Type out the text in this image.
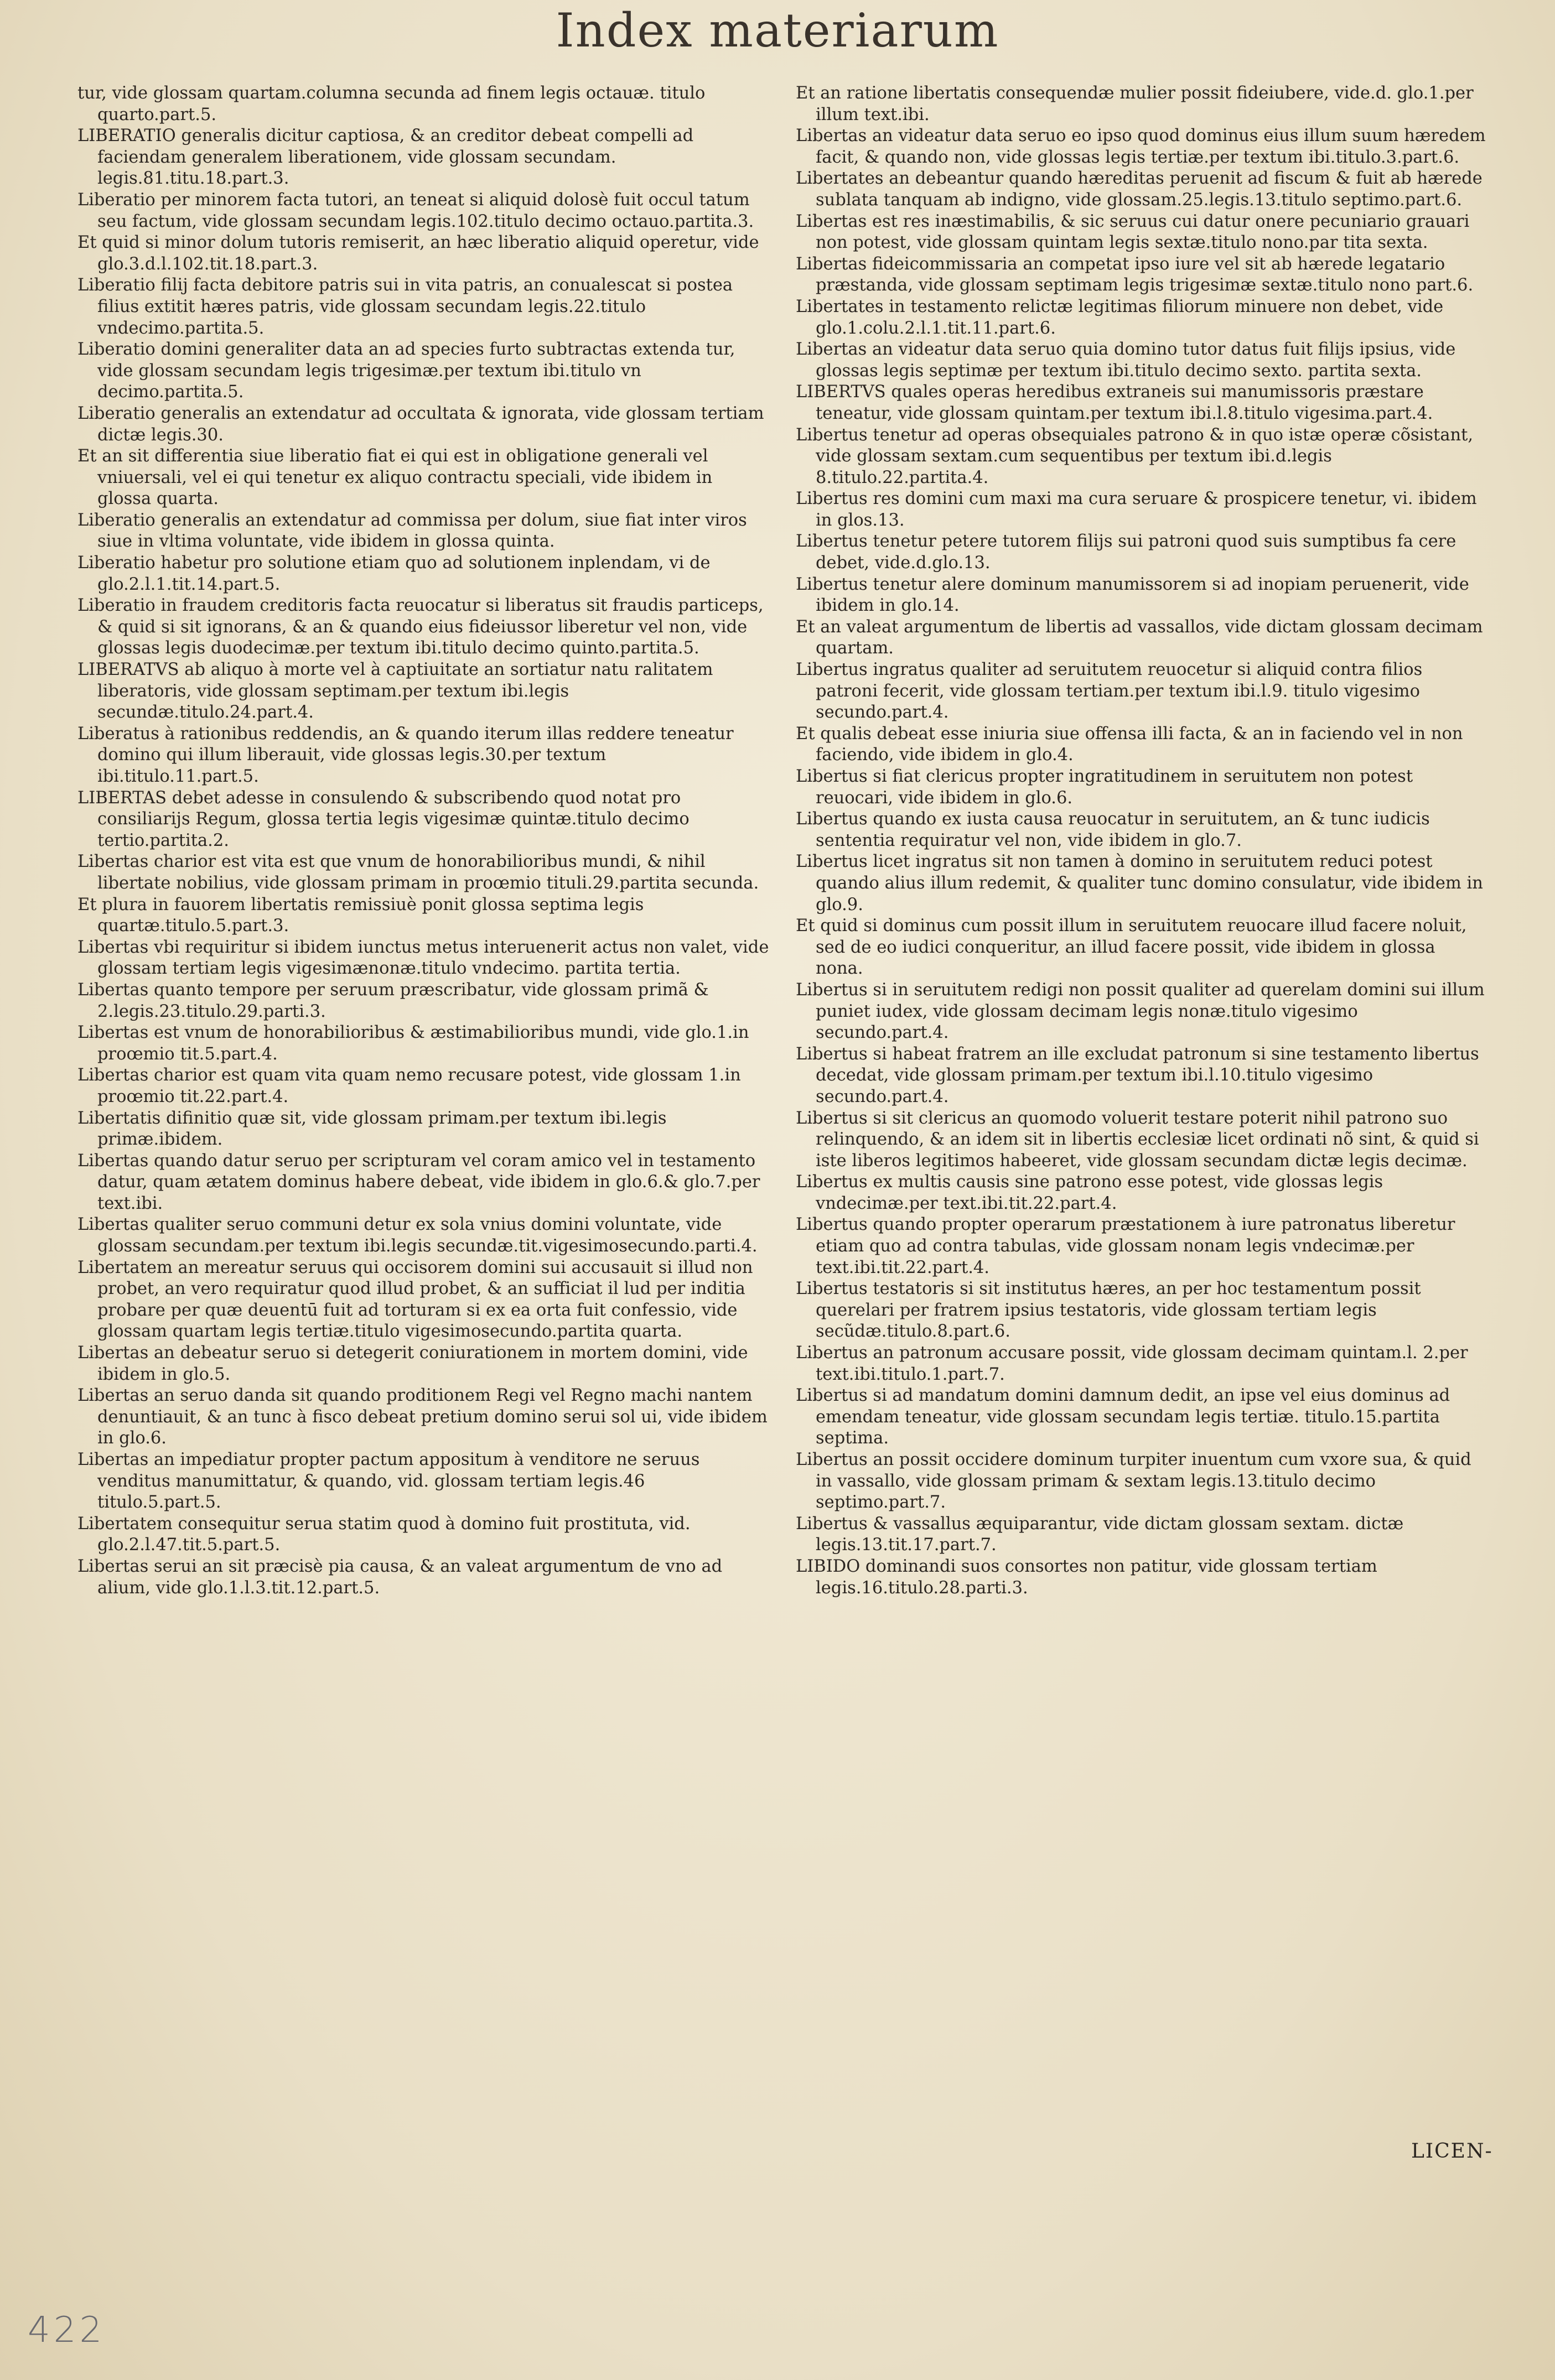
Index materiarum
tur, vide glossam quartam.columna secunda ad finem legis octauæ. titulo quarto.part.5.
LIBERATIO generalis dicitur captiosa, & an creditor debeat compelli ad faciendam generalem liberationem, vide glossam secundam. legis.81.titu.18.part.3.
Liberatio per minorem facta tutori, an teneat si aliquid dolosè fuit occul tatum seu factum, vide glossam secundam legis.102.titulo decimo octauo.partita.3.
Et quid si minor dolum tutoris remiserit, an hæc liberatio aliquid operetur, vide glo.3.d.l.102.tit.18.part.3.
Liberatio filij facta debitore patris sui in vita patris, an conualescat si postea filius extitit hæres patris, vide glossam secundam legis.22.titulo vndecimo.partita.5.
Liberatio domini generaliter data an ad species furto subtractas extenda tur, vide glossam secundam legis trigesimæ.per textum ibi.titulo vn decimo.partita.5.
Liberatio generalis an extendatur ad occultata & ignorata, vide glossam tertiam dictæ legis.30.
Et an sit differentia siue liberatio fiat ei qui est in obligatione generali vel vniuersali, vel ei qui tenetur ex aliquo contractu speciali, vide ibidem in glossa quarta.
Liberatio generalis an extendatur ad commissa per dolum, siue fiat inter viros siue in vltima voluntate, vide ibidem in glossa quinta.
Liberatio habetur pro solutione etiam quo ad solutionem inplendam, vi de glo.2.l.1.tit.14.part.5.
Liberatio in fraudem creditoris facta reuocatur si liberatus sit fraudis particeps, & quid si sit ignorans, & an & quando eius fideiussor liberetur vel non, vide glossas legis duodecimæ.per textum ibi.titulo decimo quinto.partita.5.
LIBERATVS ab aliquo à morte vel à captiuitate an sortiatur natu ralitatem liberatoris, vide glossam septimam.per textum ibi.legis secundæ.titulo.24.part.4.
Liberatus à rationibus reddendis, an & quando iterum illas reddere teneatur domino qui illum liberauit, vide glossas legis.30.per textum ibi.titulo.11.part.5.
LIBERTAS debet adesse in consulendo & subscribendo quod notat pro consiliarijs Regum, glossa tertia legis vigesimæ quintæ.titulo decimo tertio.partita.2.
Libertas charior est vita est que vnum de honorabilioribus mundi, & nihil libertate nobilius, vide glossam primam in proœmio tituli.29.partita secunda.
Et plura in fauorem libertatis remissiuè ponit glossa septima legis quartæ.titulo.5.part.3.
Libertas vbi requiritur si ibidem iunctus metus interuenerit actus non valet, vide glossam tertiam legis vigesimænonæ.titulo vndecimo. partita tertia.
Libertas quanto tempore per seruum præscribatur, vide glossam primã & 2.legis.23.titulo.29.parti.3.
Libertas est vnum de honorabilioribus & æstimabilioribus mundi, vide glo.1.in proœmio tit.5.part.4.
Libertas charior est quam vita quam nemo recusare potest, vide glossam 1.in proœmio tit.22.part.4.
Libertatis difinitio quæ sit, vide glossam primam.per textum ibi.legis primæ.ibidem.
Libertas quando datur seruo per scripturam vel coram amico vel in testamento datur, quam ætatem dominus habere debeat, vide ibidem in glo.6.& glo.7.per text.ibi.
Libertas qualiter seruo communi detur ex sola vnius domini voluntate, vide glossam secundam.per textum ibi.legis secundæ.tit.vigesimosecundo.parti.4.
Libertatem an mereatur seruus qui occisorem domini sui accusauit si illud non probet, an vero requiratur quod illud probet, & an sufficiat il lud per inditia probare per quæ deuentū fuit ad torturam si ex ea orta fuit confessio, vide glossam quartam legis tertiæ.titulo vigesimosecundo.partita quarta.
Libertas an debeatur seruo si detegerit coniurationem in mortem domini, vide ibidem in glo.5.
Libertas an seruo danda sit quando proditionem Regi vel Regno machi nantem denuntiauit, & an tunc à fisco debeat pretium domino serui sol ui, vide ibidem in glo.6.
Libertas an impediatur propter pactum appositum à venditore ne seruus venditus manumittatur, & quando, vid. glossam tertiam legis.46 titulo.5.part.5.
Libertatem consequitur serua statim quod à domino fuit prostituta, vid. glo.2.l.47.tit.5.part.5.
Libertas serui an sit præcisè pia causa, & an valeat argumentum de vno ad alium, vide glo.1.l.3.tit.12.part.5.
Et an ratione libertatis consequendæ mulier possit fideiubere, vide.d. glo.1.per illum text.ibi.
Libertas an videatur data seruo eo ipso quod dominus eius illum suum hæredem facit, & quando non, vide glossas legis tertiæ.per textum ibi.titulo.3.part.6.
Libertates an debeantur quando hæreditas peruenit ad fiscum & fuit ab hærede sublata tanquam ab indigno, vide glossam.25.legis.13.titulo septimo.part.6.
Libertas est res inæstimabilis, & sic seruus cui datur onere pecuniario grauari non potest, vide glossam quintam legis sextæ.titulo nono.par tita sexta.
Libertas fideicommissaria an competat ipso iure vel sit ab hærede legatario præstanda, vide glossam septimam legis trigesimæ sextæ.titulo nono part.6.
Libertates in testamento relictæ legitimas filiorum minuere non debet, vide glo.1.colu.2.l.1.tit.11.part.6.
Libertas an videatur data seruo quia domino tutor datus fuit filijs ipsius, vide glossas legis septimæ per textum ibi.titulo decimo sexto. partita sexta.
LIBERTVS quales operas heredibus extraneis sui manumissoris præstare teneatur, vide glossam quintam.per textum ibi.l.8.titulo vigesima.part.4.
Libertus tenetur ad operas obsequiales patrono & in quo istæ operæ cõsistant, vide glossam sextam.cum sequentibus per textum ibi.d.legis 8.titulo.22.partita.4.
Libertus res domini cum maxi ma cura seruare & prospicere tenetur, vi. ibidem in glos.13.
Libertus tenetur petere tutorem filijs sui patroni quod suis sumptibus fa cere debet, vide.d.glo.13.
Libertus tenetur alere dominum manumissorem si ad inopiam peruenerit, vide ibidem in glo.14.
Et an valeat argumentum de libertis ad vassallos, vide dictam glossam decimam quartam.
Libertus ingratus qualiter ad seruitutem reuocetur si aliquid contra filios patroni fecerit, vide glossam tertiam.per textum ibi.l.9. titulo vigesimo secundo.part.4.
Et qualis debeat esse iniuria siue offensa illi facta, & an in faciendo vel in non faciendo, vide ibidem in glo.4.
Libertus si fiat clericus propter ingratitudinem in seruitutem non potest reuocari, vide ibidem in glo.6.
Libertus quando ex iusta causa reuocatur in seruitutem, an & tunc iudicis sententia requiratur vel non, vide ibidem in glo.7.
Libertus licet ingratus sit non tamen à domino in seruitutem reduci potest quando alius illum redemit, & qualiter tunc domino consulatur, vide ibidem in glo.9.
Et quid si dominus cum possit illum in seruitutem reuocare illud facere noluit, sed de eo iudici conqueritur, an illud facere possit, vide ibidem in glossa nona.
Libertus si in seruitutem redigi non possit qualiter ad querelam domini sui illum puniet iudex, vide glossam decimam legis nonæ.titulo vigesimo secundo.part.4.
Libertus si habeat fratrem an ille excludat patronum si sine testamento libertus decedat, vide glossam primam.per textum ibi.l.10.titulo vigesimo secundo.part.4.
Libertus si sit clericus an quomodo voluerit testare poterit nihil patrono suo relinquendo, & an idem sit in libertis ecclesiæ licet ordinati nõ sint, & quid si iste liberos legitimos habeeret, vide glossam secundam dictæ legis decimæ.
Libertus ex multis causis sine patrono esse potest, vide glossas legis vndecimæ.per text.ibi.tit.22.part.4.
Libertus quando propter operarum præstationem à iure patronatus liberetur etiam quo ad contra tabulas, vide glossam nonam legis vndecimæ.per text.ibi.tit.22.part.4.
Libertus testatoris si sit institutus hæres, an per hoc testamentum possit querelari per fratrem ipsius testatoris, vide glossam tertiam legis secũdæ.titulo.8.part.6.
Libertus an patronum accusare possit, vide glossam decimam quintam.l. 2.per text.ibi.titulo.1.part.7.
Libertus si ad mandatum domini damnum dedit, an ipse vel eius dominus ad emendam teneatur, vide glossam secundam legis tertiæ. titulo.15.partita septima.
Libertus an possit occidere dominum turpiter inuentum cum vxore sua, & quid in vassallo, vide glossam primam & sextam legis.13.titulo decimo septimo.part.7.
Libertus & vassallus æquiparantur, vide dictam glossam sextam. dictæ legis.13.tit.17.part.7.
LIBIDO dominandi suos consortes non patitur, vide glossam tertiam legis.16.titulo.28.parti.3.
LICEN-
422
